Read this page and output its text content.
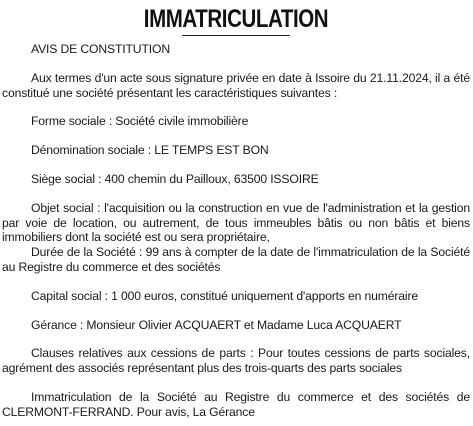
IMMATRICULATION

AVIS DE CONSTITUTION

Aux termes d'un acte sous signature privée en date à Issoire du 21.11.2024, il a été constitué une société présentant les caractéristiques suivantes :

Forme sociale : Société civile immobilière

Dénomination sociale : LE TEMPS EST BON

Siège social : 400 chemin du Pailloux, 63500 ISSOIRE

Objet social : l'acquisition ou la construction en vue de l'administration et la gestion par voie de location, ou autrement, de tous immeubles bâtis ou non bâtis et biens immobiliers dont la société est ou sera propriétaire,

Durée de la Société : 99 ans à compter de la date de l'immatriculation de la Société au Registre du commerce et des sociétés

Capital social : 1 000 euros, constitué uniquement d'apports en numéraire

Gérance : Monsieur Olivier ACQUAERT et Madame Luca ACQUAERT

Clauses relatives aux cessions de parts : Pour toutes cessions de parts sociales, agrément des associés représentant plus des trois-quarts des parts sociales

Immatriculation de la Société au Registre du commerce et des sociétés de CLERMONT-FERRAND. Pour avis, La Gérance
